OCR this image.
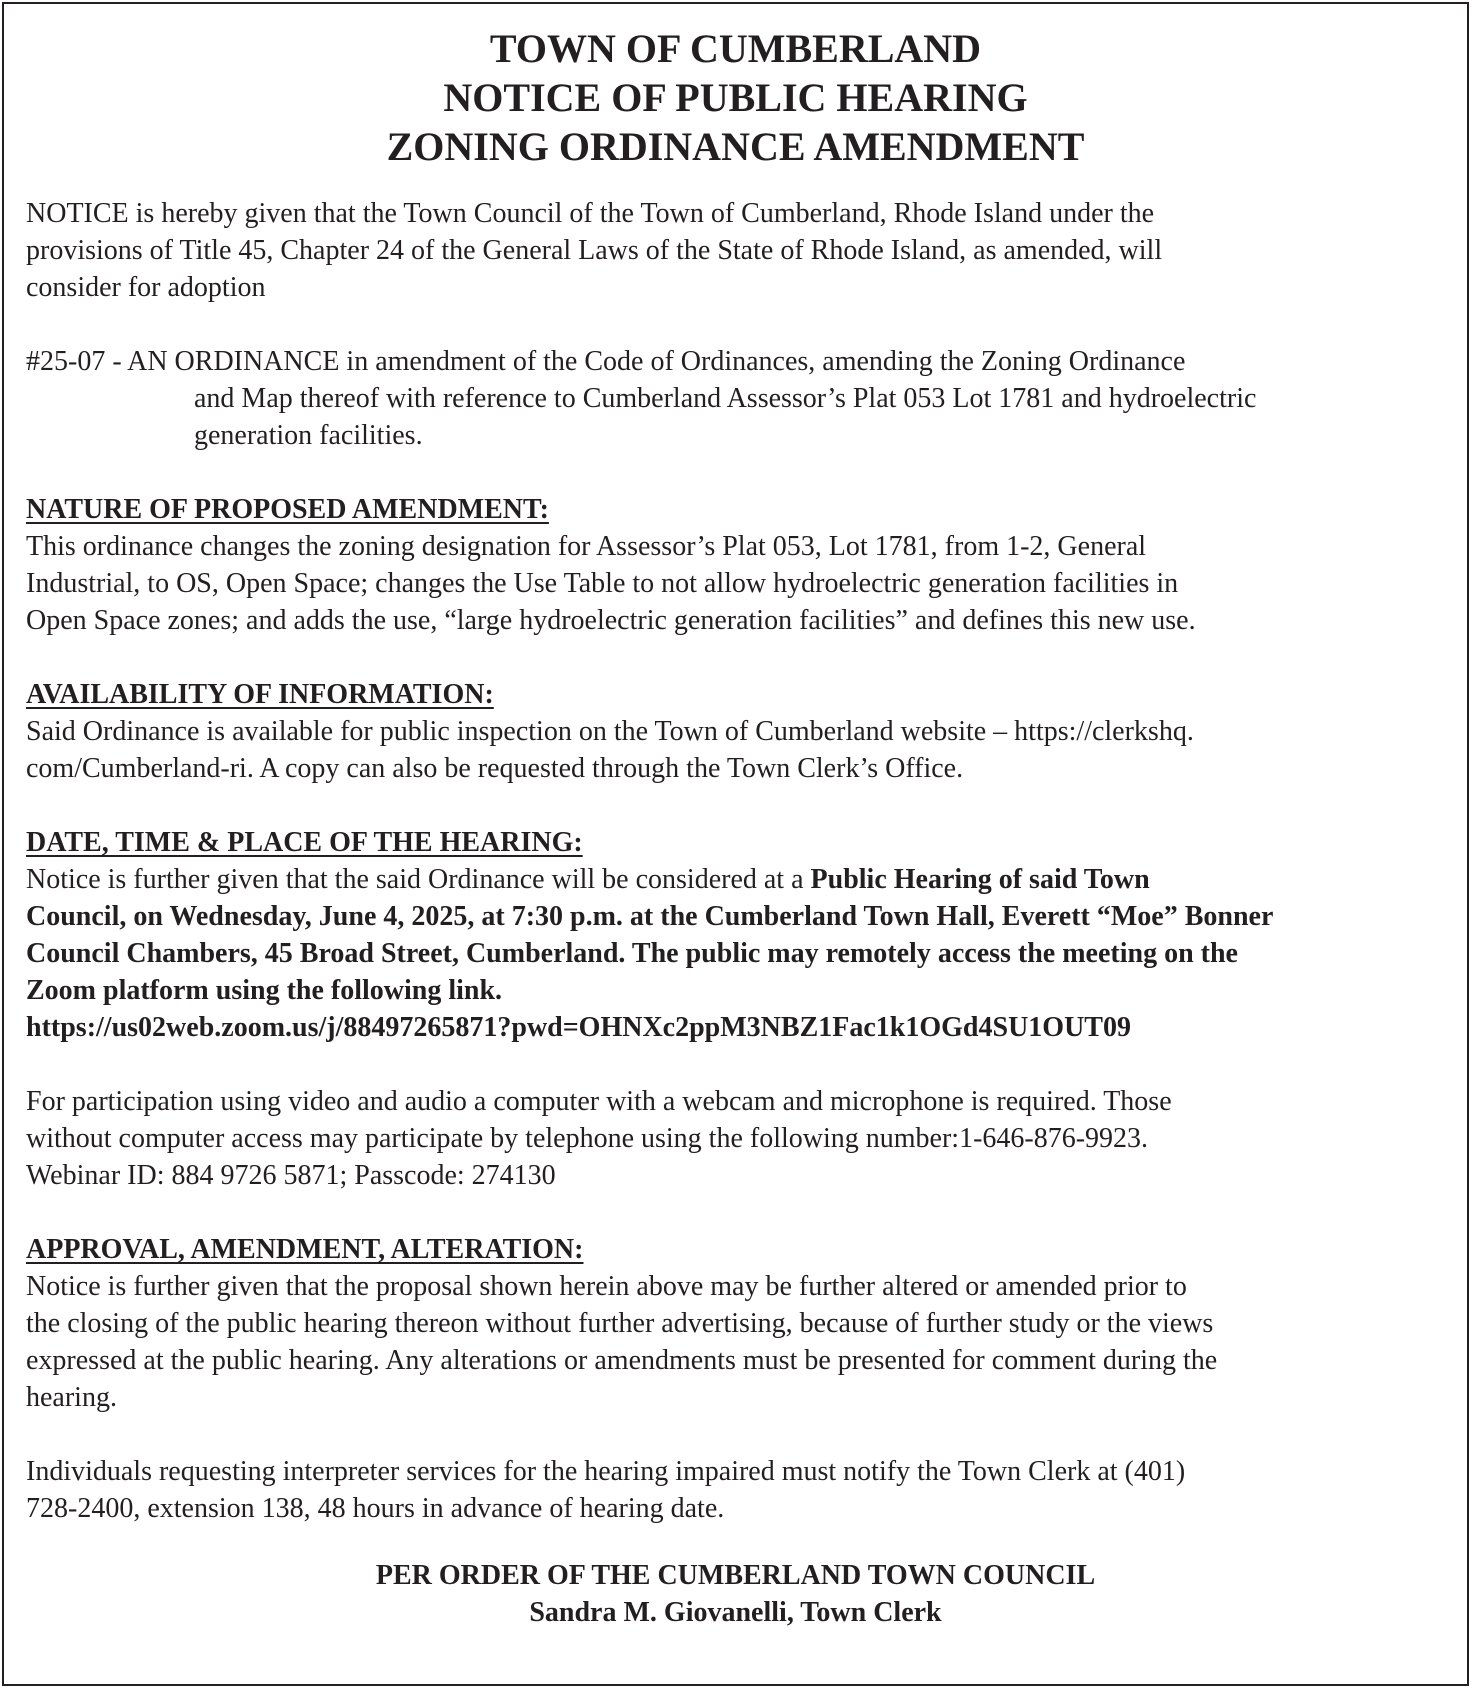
TOWN OF CUMBERLAND

NOTICE OF PUBLIC HEARING

ZONING ORDINANCE AMENDMENT

NOTICE is hereby given that the Town Council of the Town of Cumberland, Rhode Island under the

provisions of Title 45, Chapter 24 of the General Laws of the State of Rhode Island, as amended, will

consider for adoption

#25-07 - AN ORDINANCE in amendment of the Code of Ordinances, amending the Zoning Ordinance

and Map thereof with reference to Cumberland Assessor’s Plat 053 Lot 1781 and hydroelectric

generation facilities.

NATURE OF PROPOSED AMENDMENT:

This ordinance changes the zoning designation for Assessor’s Plat 053, Lot 1781, from 1-2, General

Industrial, to OS, Open Space; changes the Use Table to not allow hydroelectric generation facilities in

Open Space zones; and adds the use, “large hydroelectric generation facilities” and defines this new use.

AVAILABILITY OF INFORMATION:

Said Ordinance is available for public inspection on the Town of Cumberland website – https://clerkshq.

com/Cumberland-ri. A copy can also be requested through the Town Clerk’s Office.

DATE, TIME & PLACE OF THE HEARING:

Notice is further given that the said Ordinance will be considered at a Public Hearing of said Town

Council, on Wednesday, June 4, 2025, at 7:30 p.m. at the Cumberland Town Hall, Everett “Moe” Bonner

Council Chambers, 45 Broad Street, Cumberland. The public may remotely access the meeting on the

Zoom platform using the following link.

https://us02web.zoom.us/j/88497265871?pwd=OHNXc2ppM3NBZ1Fac1k1OGd4SU1OUT09

For participation using video and audio a computer with a webcam and microphone is required. Those

without computer access may participate by telephone using the following number:1-646-876-9923.

Webinar ID: 884 9726 5871; Passcode: 274130

APPROVAL, AMENDMENT, ALTERATION:

Notice is further given that the proposal shown herein above may be further altered or amended prior to

the closing of the public hearing thereon without further advertising, because of further study or the views

expressed at the public hearing. Any alterations or amendments must be presented for comment during the

hearing.

Individuals requesting interpreter services for the hearing impaired must notify the Town Clerk at (401)

728-2400, extension 138, 48 hours in advance of hearing date.

PER ORDER OF THE CUMBERLAND TOWN COUNCIL

Sandra M. Giovanelli, Town Clerk
